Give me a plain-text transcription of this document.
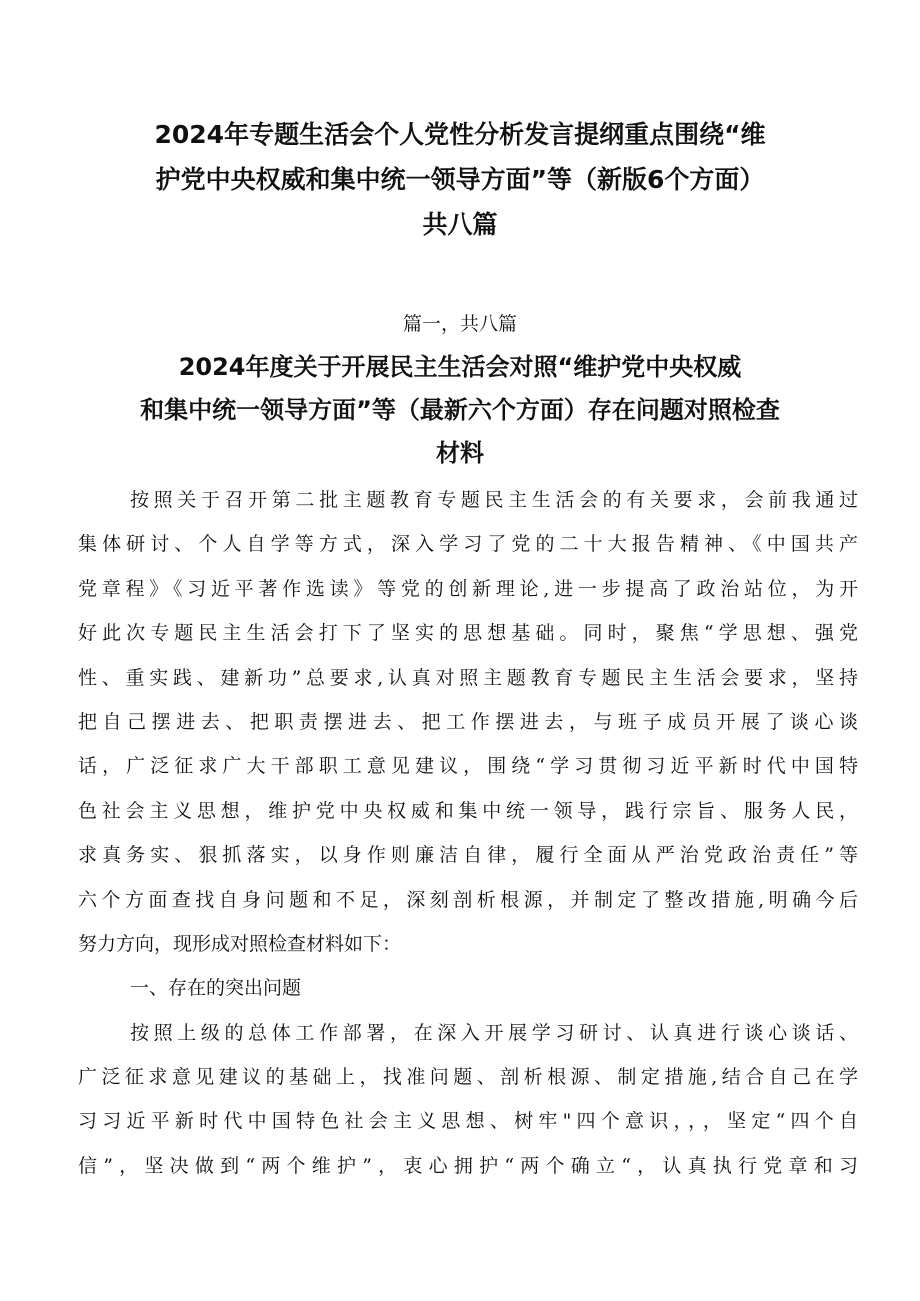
2024年专题生活会个人党性分析发言提纲重点围绕“维
护党中央权威和集中统一领导方面”等（新版6个方面）
共八篇
篇一，共八篇
2024年度关于开展民主生活会对照“维护党中央权威
和集中统一领导方面”等（最新六个方面）存在问题对照检查
材料
按照关于召开第二批主题教育专题民主生活会的有关要求，会前我通过
集体研讨、个人自学等方式，深入学习了党的二十大报告精神、《中国共产
党章程》《习近平著作选读》等党的创新理论,进一步提高了政治站位，为开
好此次专题民主生活会打下了坚实的思想基础。同时，聚焦“学思想、强党
性、重实践、建新功”总要求,认真对照主题教育专题民主生活会要求，坚持
把自己摆进去、把职责摆进去、把工作摆进去，与班子成员开展了谈心谈
话，广泛征求广大干部职工意见建议，围绕“学习贯彻习近平新时代中国特
色社会主义思想，维护党中央权威和集中统一领导，践行宗旨、服务人民，
求真务实、狠抓落实，以身作则廉洁自律，履行全面从严治党政治责任”等
六个方面查找自身问题和不足，深刻剖析根源，并制定了整改措施,明确今后
努力方向，现形成对照检查材料如下：
一、存在的突出问题
按照上级的总体工作部署，在深入开展学习研讨、认真进行谈心谈话、
广泛征求意见建议的基础上，找准问题、剖析根源、制定措施,结合自己在学
习习近平新时代中国特色社会主义思想、树牢"四个意识，，，坚定“四个自
信”，坚决做到“两个维护”，衷心拥护“两个确立“，认真执行党章和习
